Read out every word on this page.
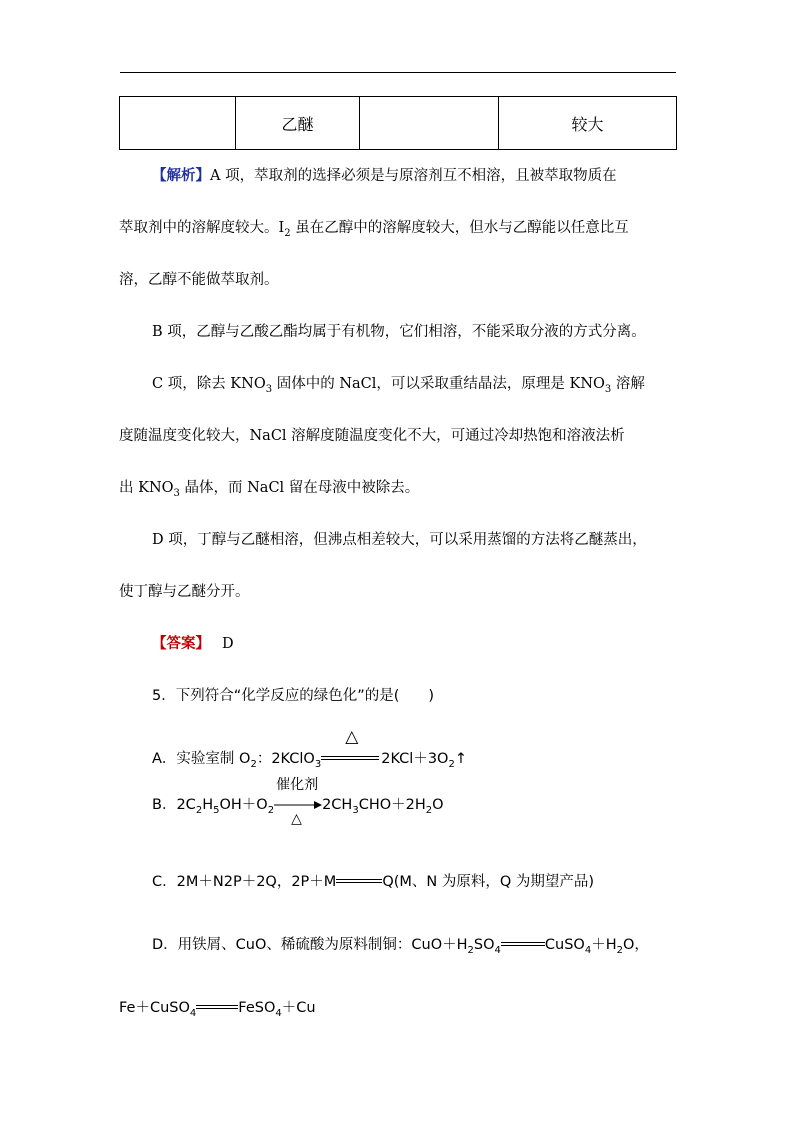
	乙醚		较大
【解析】A 项，萃取剂的选择必须是与原溶剂互不相溶，且被萃取物质在
萃取剂中的溶解度较大。$I_2$ 虽在乙醇中的溶解度较大，但水与乙醇能以任意比互
溶，乙醇不能做萃取剂。
B 项，乙醇与乙酸乙酯均属于有机物，它们相溶，不能采取分液的方式分离。
C 项，除去 $KNO_3$ 固体中的 NaCl，可以采取重结晶法，原理是 $KNO_3$ 溶解
度随温度变化较大，NaCl 溶解度随温度变化不大，可通过冷却热饱和溶液法析
出 $KNO_3$ 晶体，而 NaCl 留在母液中被除去。
D 项，丁醇与乙醚相溶，但沸点相差较大，可以采用蒸馏的方法将乙醚蒸出，
使丁醇与乙醚分开。
【答案】 D
5．下列符合“化学反应的绿色化”的是(　　)
A．实验室制 $O_2$：2KClO$_3$
△
$2KCl+3O_2↑$
B．$2C_2H_5OH+O_2$
催化剂
△
$2CH_3CHO+2H_2O$
C．2M＋N2P＋2Q，2P＋M	Q(M、N 为原料，Q 为期望产品)
D．用铁屑、CuO、稀硫酸为原料制铜：$CuO+H_2SO_4$	$CuSO_4+H_2O$，
Fe＋CuSO$_4$	FeSO$_4$＋Cu
